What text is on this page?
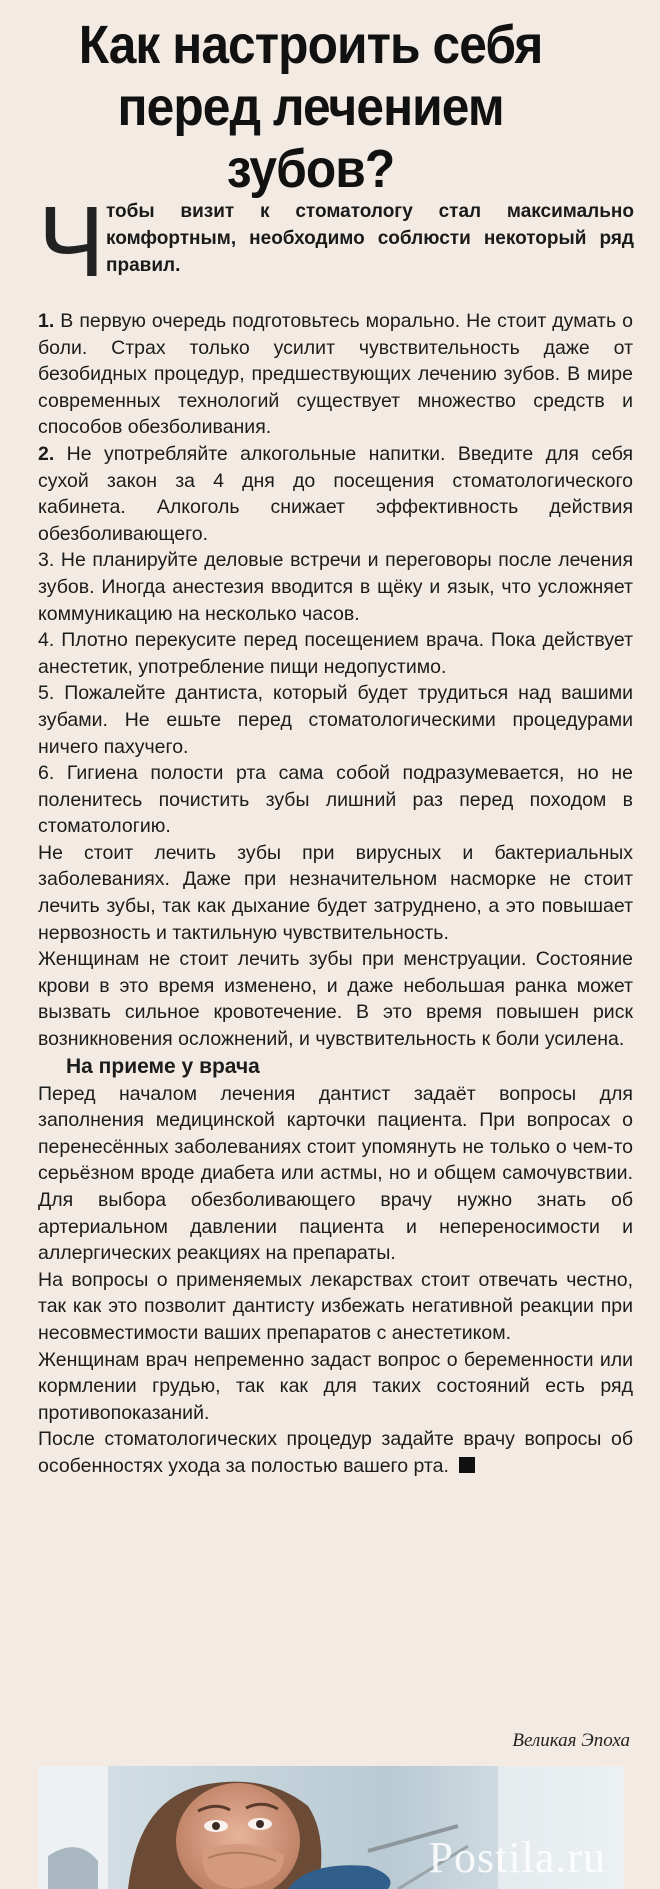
Как настроить себя
перед лечением зубов?
Ч тобы визит к стоматологу стал максимально комфортным, необходимо соблюсти некоторый ряд правил.

1. В первую очередь подготовьтесь морально. Не стоит думать о боли. Страх только усилит чувствительность даже от безобидных процедур, предшествующих лечению зубов. В мире современных технологий существует множество средств и способов обезболивания.

2. Не употребляйте алкогольные напитки. Введите для себя сухой закон за 4 дня до посещения стоматологического кабинета. Алкоголь снижает эффективность действия обезболивающего.

3. Не планируйте деловые встречи и переговоры после лечения зубов. Иногда анестезия вводится в щёку и язык, что усложняет коммуникацию на несколько часов.

4. Плотно перекусите перед посещением врача. Пока действует анестетик, употребление пищи недопустимо.

5. Пожалейте дантиста, который будет трудиться над вашими зубами. Не ешьте перед стоматологическими процедурами ничего пахучего.

6. Гигиена полости рта сама собой подразумевается, но не поленитесь почистить зубы лишний раз перед походом в стоматологию.

Не стоит лечить зубы при вирусных и бактериальных заболеваниях. Даже при незначительном насморке не стоит лечить зубы, так как дыхание будет затруднено, а это повышает нервозность и тактильную чувствительность.

Женщинам не стоит лечить зубы при менструации. Состояние крови в это время изменено, и даже небольшая ранка может вызвать сильное кровотечение. В это время повышен риск возникновения осложнений, и чувствительность к боли усилена.

На приеме у врача

Перед началом лечения дантист задаёт вопросы для заполнения медицинской карточки пациента. При вопросах о перенесённых заболеваниях стоит упомянуть не только о чем-то серьёзном вроде диабета или астмы, но и общем самочувствии. Для выбора обезболивающего врачу нужно знать об артериальном давлении пациента и непереносимости и аллергических реакциях на препараты.

На вопросы о применяемых лекарствах стоит отвечать честно, так как это позволит дантисту избежать негативной реакции при несовместимости ваших препаратов с анестетиком.

Женщинам врач непременно задаст вопрос о беременности или кормлении грудью, так как для таких состояний есть ряд противопоказаний.

После стоматологических процедур задайте врачу вопросы об особенностях ухода за полостью вашего рта.

Великая Эпоха
Postila.ru
